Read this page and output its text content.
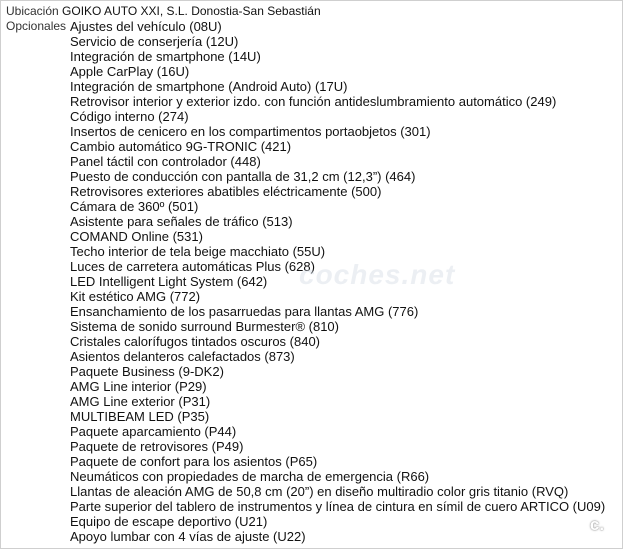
Ubicación GOIKO AUTO XXI, S.L. Donostia-San Sebastián
Opcionales Ajustes del vehículo (08U)
Servicio de conserjería (12U)
Integración de smartphone (14U)
Apple CarPlay (16U)
Integración de smartphone (Android Auto) (17U)
Retrovisor interior y exterior izdo. con función antideslumbramiento automático (249)
Código interno (274)
Insertos de cenicero en los compartimentos portaobjetos (301)
Cambio automático 9G-TRONIC (421)
Panel táctil con controlador (448)
Puesto de conducción con pantalla de 31,2 cm (12,3”) (464)
Retrovisores exteriores abatibles eléctricamente (500)
Cámara de 360º (501)
Asistente para señales de tráfico (513)
COMAND Online (531)
Techo interior de tela beige macchiato (55U)
Luces de carretera automáticas Plus (628)
LED Intelligent Light System (642)
Kit estético AMG (772)
Ensanchamiento de los pasarruedas para llantas AMG (776)
Sistema de sonido surround Burmester® (810)
Cristales calorífugos tintados oscuros (840)
Asientos delanteros calefactados (873)
Paquete Business (9-DK2)
AMG Line interior (P29)
AMG Line exterior (P31)
MULTIBEAM LED (P35)
Paquete aparcamiento (P44)
Paquete de retrovisores (P49)
Paquete de confort para los asientos (P65)
Neumáticos con propiedades de marcha de emergencia (R66)
Llantas de aleación AMG de 50,8 cm (20”) en diseño multiradio color gris titanio (RVQ)
Parte superior del tablero de instrumentos y línea de cintura en símil de cuero ARTICO (U09)
Equipo de escape deportivo (U21)
Apoyo lumbar con 4 vías de ajuste (U22)
coches.net
c.
